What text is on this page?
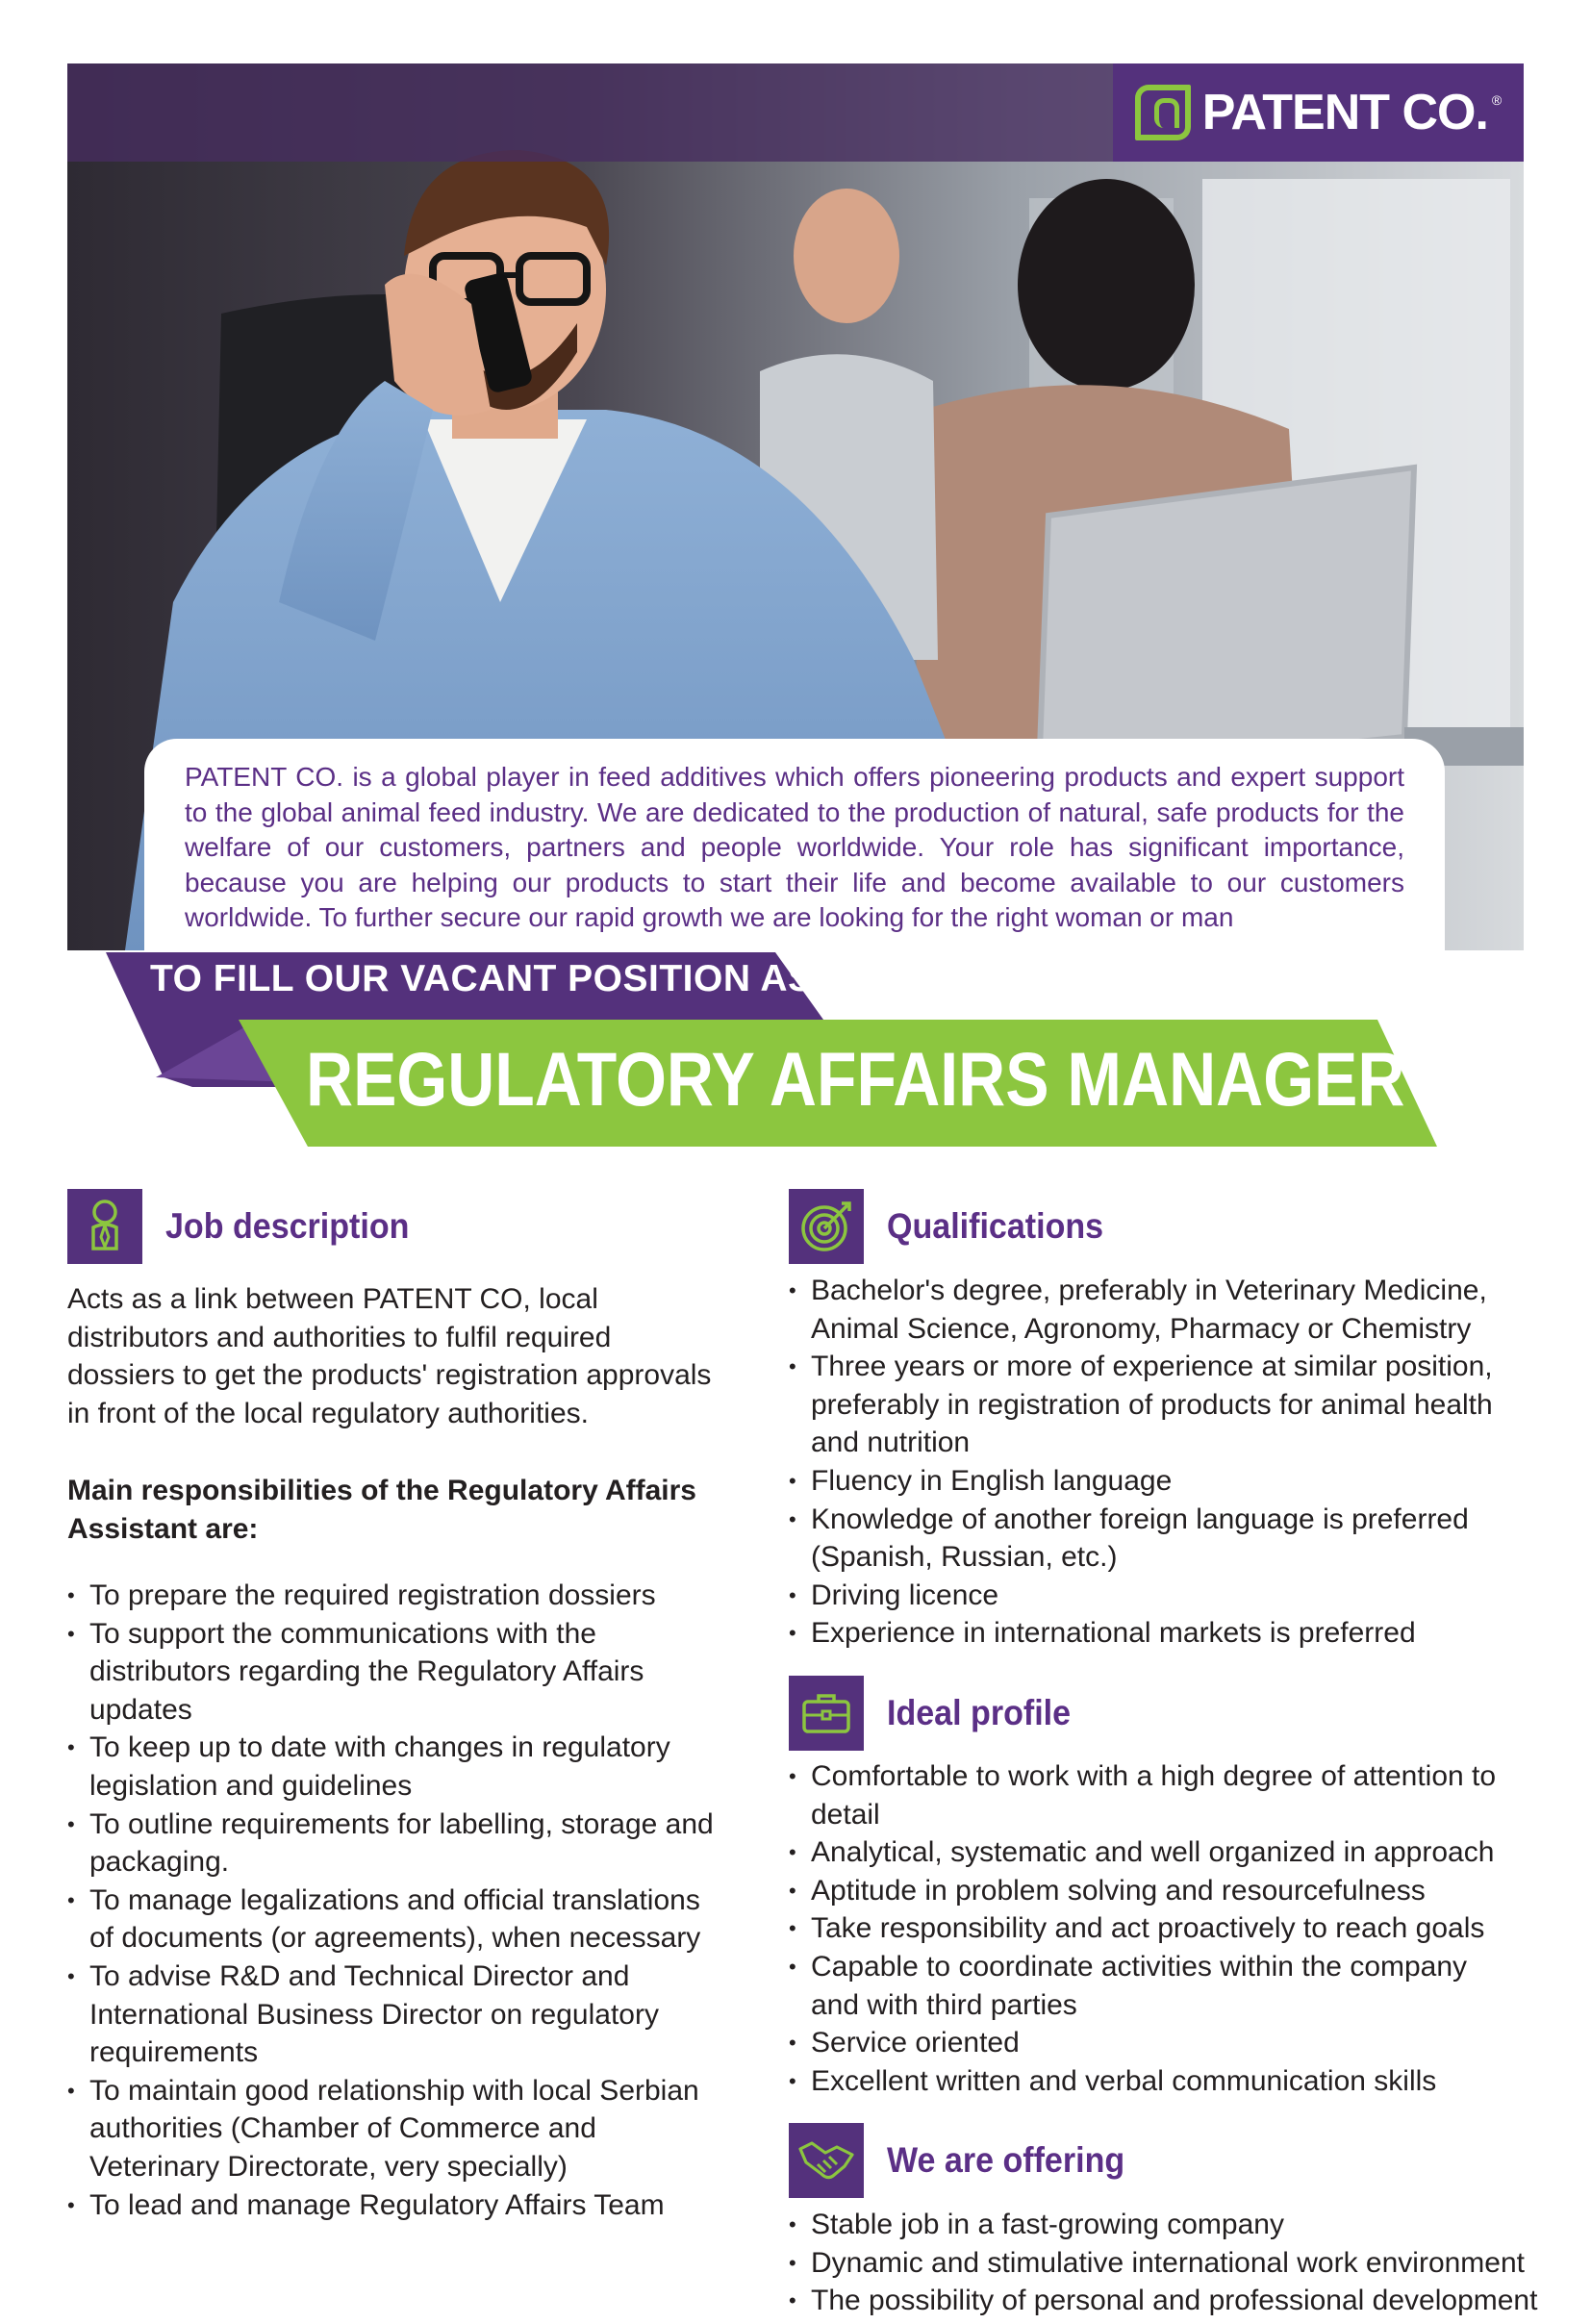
PATENT CO. ®

PATENT CO. is a global player in feed additives which offers pioneering products and expert support to the global animal feed industry. We are dedicated to the production of natural, safe products for the welfare of our customers, partners and people worldwide. Your role has significant importance, because you are helping our products to start their life and become available to our customers worldwide. To further secure our rapid growth we are looking for the right woman or man

TO FILL OUR VACANT POSITION AS
REGULATORY AFFAIRS MANAGER
Job description

Acts as a link between PATENT CO, local distributors and authorities to fulfil required dossiers to get the products' registration approvals in front of the local regulatory authorities.

Main responsibilities of the Regulatory Affairs Assistant are:

• To prepare the required registration dossiers
• To support the communications with the distributors regarding the Regulatory Affairs updates
• To keep up to date with changes in regulatory legislation and guidelines
• To outline requirements for labelling, storage and packaging.
• To manage legalizations and official translations of documents (or agreements), when necessary
• To advise R&D and Technical Director and International Business Director on regulatory requirements
• To maintain good relationship with local Serbian authorities (Chamber of Commerce and Veterinary Directorate, very specially)
• To lead and manage Regulatory Affairs Team
Qualifications
• Bachelor's degree, preferably in Veterinary Medicine, Animal Science, Agronomy, Pharmacy or Chemistry
• Three years or more of experience at similar position, preferably in registration of products for animal health and nutrition
• Fluency in English language
• Knowledge of another foreign language is preferred (Spanish, Russian, etc.)
• Driving licence
• Experience in international markets is preferred
Ideal profile
• Comfortable to work with a high degree of attention to detail
• Analytical, systematic and well organized in approach
• Aptitude in problem solving and resourcefulness
• Take responsibility and act proactively to reach goals
• Capable to coordinate activities within the company and with third parties
• Service oriented
• Excellent written and verbal communication skills
We are offering
• Stable job in a fast-growing company
• Dynamic and stimulative international work environment
• The possibility of personal and professional development
